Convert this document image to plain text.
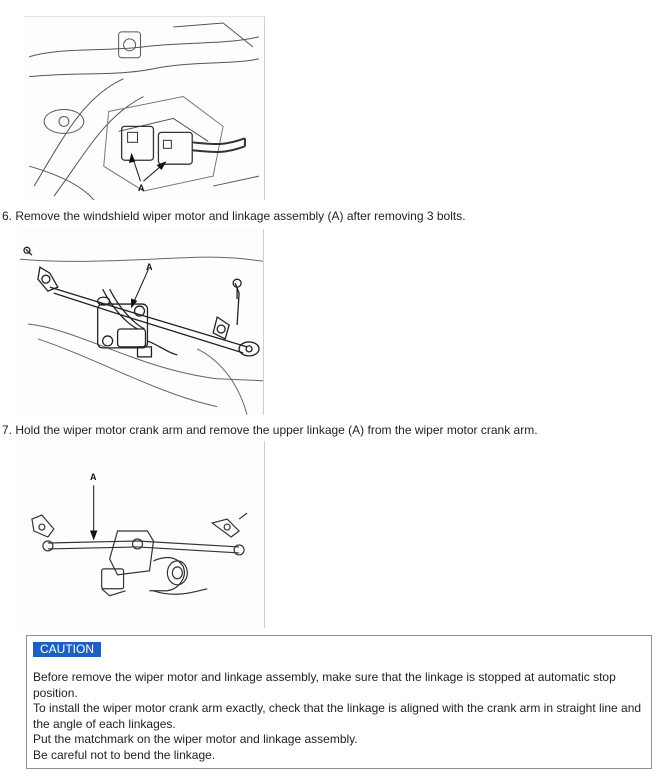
A
6. Remove the windshield wiper motor and linkage assembly (A) after removing 3 bolts.
A
7. Hold the wiper motor crank arm and remove the upper linkage (A) from the wiper motor crank arm.
A
CAUTION
Before remove the wiper motor and linkage assembly, make sure that the linkage is stopped at automatic stop
position.
To install the wiper motor crank arm exactly, check that the linkage is aligned with the crank arm in straight line and
the angle of each linkages.
Put the matchmark on the wiper motor and linkage assembly.
Be careful not to bend the linkage.
